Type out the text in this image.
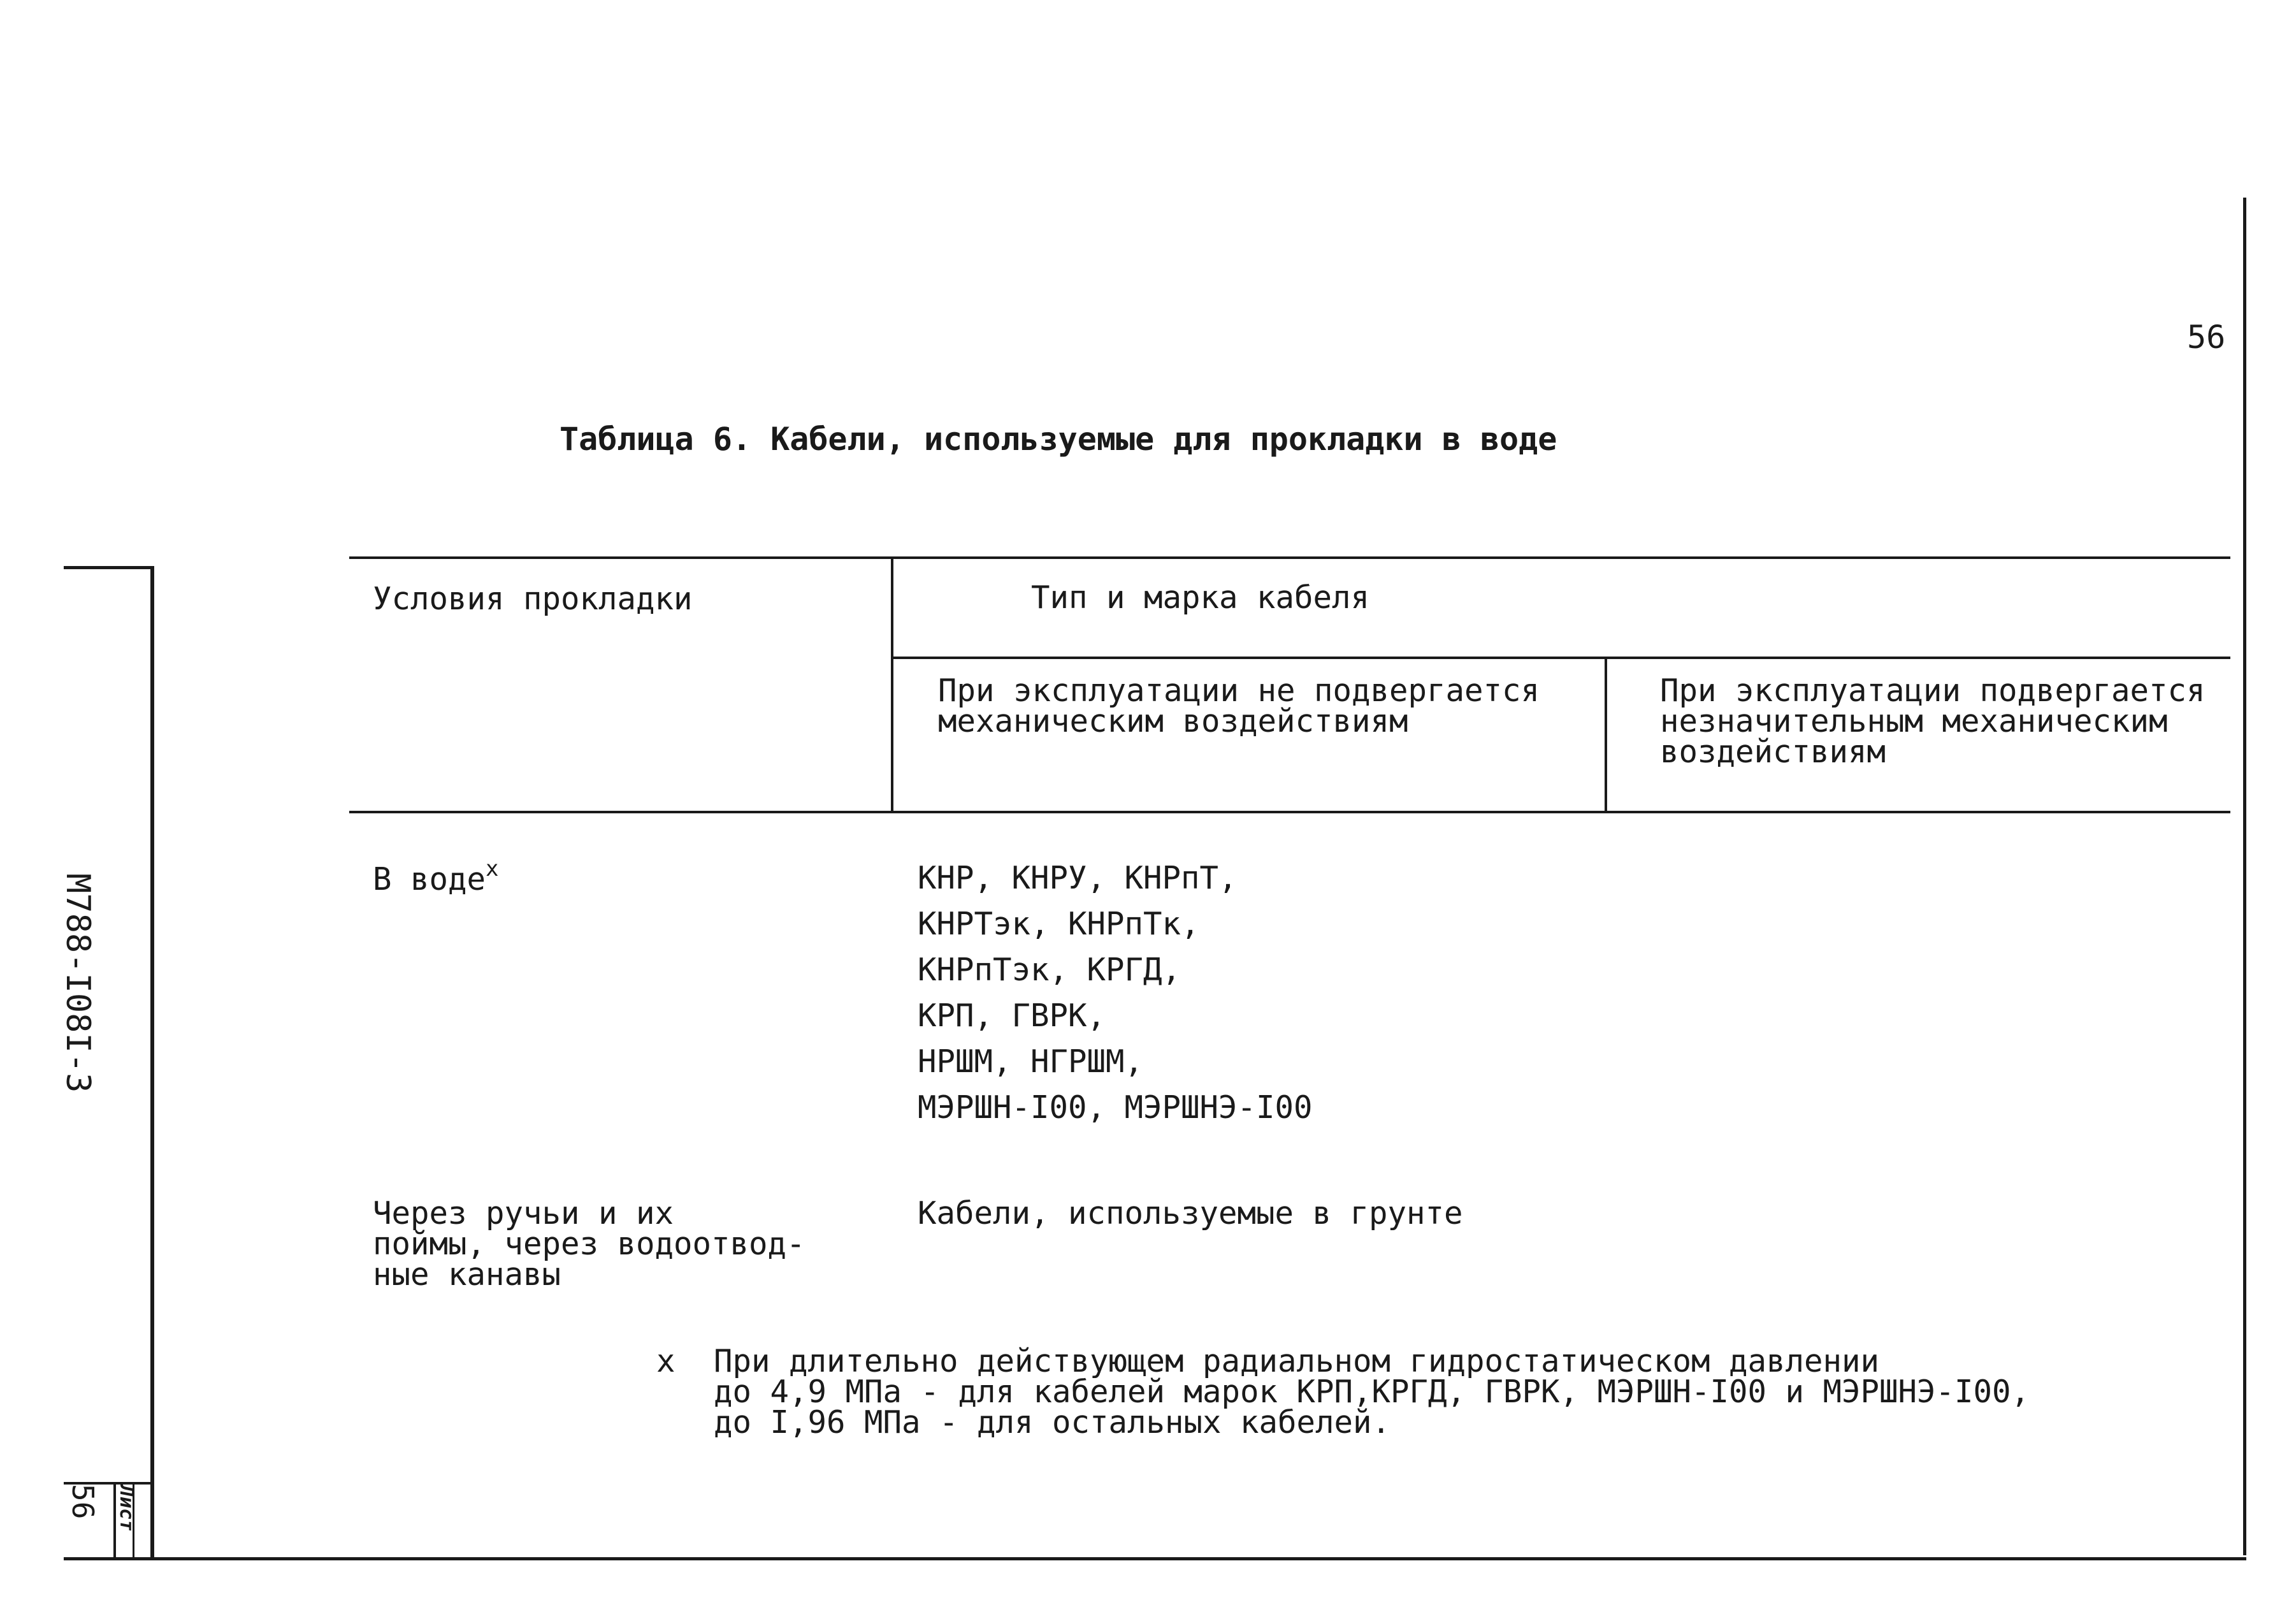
М788-I08I-3
56 Лист
56
Таблица 6. Кабели, используемые для прокладки в воде
Условия прокладки	Тип и марка кабеля
При эксплуатации не подвергается
механическим воздействиям
При эксплуатации подвергается
незначительным механическим
воздействиям
В воде$^x$	КНР, КНРУ, КНРпТ,
КНРТэк, КНРпТк,
КНРпТэк, КРГД,
КРП, ГВРК,
НРШМ, НГРШМ,
МЭРШН-I00, МЭРШНЭ-I00
Через ручьи и их
поймы, через водоотвод-
ные канавы
Кабели, используемые в грунте
x При длительно действующем радиальном гидростатическом давлении
до 4,9 МПа - для кабелей марок КРП,КРГД, ГВРК, МЭРШН-I00 и МЭРШНЭ-I00,
до I,96 МПа - для остальных кабелей.
